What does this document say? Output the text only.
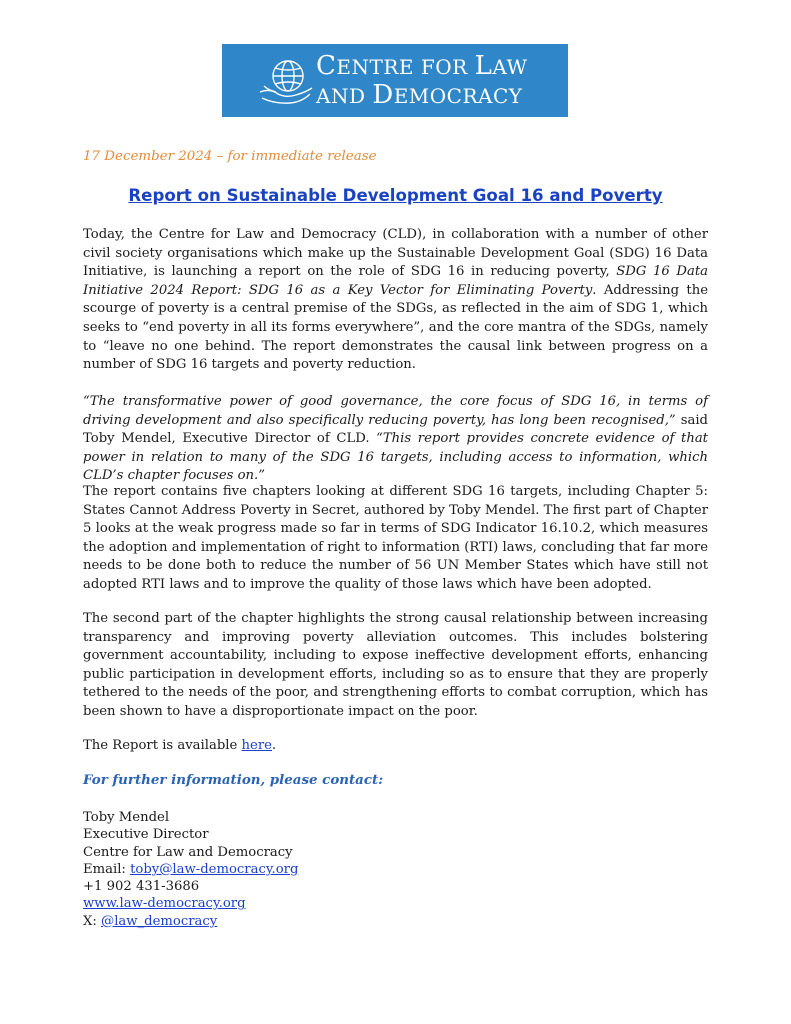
CENTRE FOR LAW
AND DEMOCRACY
17 December 2024 – for immediate release
Report on Sustainable Development Goal 16 and Poverty

Today, the Centre for Law and Democracy (CLD), in collaboration with a number of other civil society organisations which make up the Sustainable Development Goal (SDG) 16 Data Initiative, is launching a report on the role of SDG 16 in reducing poverty, SDG 16 Data Initiative 2024 Report: SDG 16 as a Key Vector for Eliminating Poverty. Addressing the scourge of poverty is a central premise of the SDGs, as reflected in the aim of SDG 1, which seeks to “end poverty in all its forms everywhere”, and the core mantra of the SDGs, namely to “leave no one behind. The report demonstrates the causal link between progress on a number of SDG 16 targets and poverty reduction.

“The transformative power of good governance, the core focus of SDG 16, in terms of driving development and also specifically reducing poverty, has long been recognised,” said Toby Mendel, Executive Director of CLD. “This report provides concrete evidence of that power in relation to many of the SDG 16 targets, including access to information, which CLD’s chapter focuses on.”

The report contains five chapters looking at different SDG 16 targets, including Chapter 5: States Cannot Address Poverty in Secret, authored by Toby Mendel. The first part of Chapter 5 looks at the weak progress made so far in terms of SDG Indicator 16.10.2, which measures the adoption and implementation of right to information (RTI) laws, concluding that far more needs to be done both to reduce the number of 56 UN Member States which have still not adopted RTI laws and to improve the quality of those laws which have been adopted.

The second part of the chapter highlights the strong causal relationship between increasing transparency and improving poverty alleviation outcomes. This includes bolstering government accountability, including to expose ineffective development efforts, enhancing public participation in development efforts, including so as to ensure that they are properly tethered to the needs of the poor, and strengthening efforts to combat corruption, which has been shown to have a disproportionate impact on the poor.

The Report is available here.

For further information, please contact:
Toby Mendel
Executive Director
Centre for Law and Democracy
Email: toby@law-democracy.org
+1 902 431-3686
www.law-democracy.org
X: @law_democracy
